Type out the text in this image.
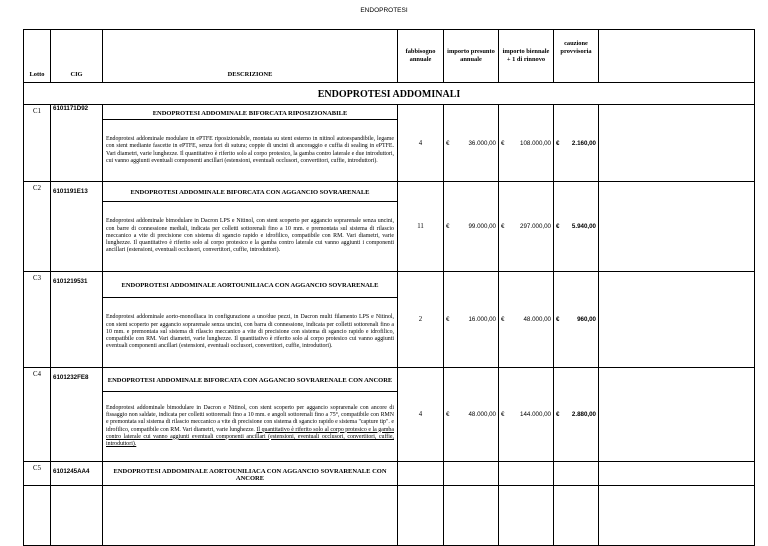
ENDOPROTESI
Lotto	CIG	DESCRIZIONE	fabbisogno annuale	importo presunto annuale	importo biennale + 1 di rinnovo	cauzione provvisoria	
ENDOPROTESI ADDOMINALI
C1	6101171D92	ENDOPROTESI ADDOMINALE BIFORCATA RIPOSIZIONABILE	4	€ 36.000,00	€ 108.000,00	€ 2.160,00	

		Endoprotesi addominale modulare in ePTFE riposizionabile, montata su stent esterno in nitinol autoespandibile, legame con stent mediante fascette in ePTFE, senza fori di sutura; coppie di uncini di ancoraggio e cuffia di sealing in ePTFE. Vari diametri, varie lunghezze. Il quantitativo è riferito solo al corpo protesico, la gamba contro laterale e due introduttori, cui vanno aggiunti eventuali componenti ancillari (estensioni, eventuali occlusori, convertitori, cuffie, introduttori).					
C2	6101191E13	ENDOPROTESI ADDOMINALE BIFORCATA CON AGGANCIO SOVRARENALE	11	€ 99.000,00	€ 297.000,00	€ 5.940,00	

		Endoprotesi addominale bimodulare in Dacron LPS e Nitinol, con stent scoperto per aggancio soprarenale senza uncini, con barre di connessione mediali, indicata per colletti sottorenali fino a 10 mm. e premontata sul sistema di rilascio meccanico a vite di precisione con sistema di sgancio rapido e idrofilico, compatibile con RM. Vari diametri, varie lunghezze. Il quantitativo è riferito solo al corpo protesico e la gamba contro laterale cui vanno aggiunti i componenti ancillari (estensioni, eventuali occlusori, convertitori, cuffie, introduttori).					
C3	6101219531	ENDOPROTESI ADDOMINALE AORTOUNILIACA CON AGGANCIO SOVRARENALE	2	€ 16.000,00	€ 48.000,00	€ 960,00	

		Endoprotesi addominale aorto-monoiliaca in configurazione a uno/due pezzi, in Dacron multi filamento LPS e Nitinol, con stent scoperto per aggancio soprarenale senza uncini, con barra di connessione, indicata per colletti sottorenali fino a 10 mm. e premontata sul sistema di rilascio meccanico a vite di precisione con sistema di sgancio rapido e idrofilico, compatibile con RM. Vari diametri, varie lunghezze. Il quantitativo è riferito solo al corpo protesico cui vanno aggiunti eventuali componenti ancillari (estensioni, eventuali occlusori, convertitori, cuffie, introduttori).					
C4	6101232FE8	ENDOPROTESI ADDOMINALE BIFORCATA CON AGGANCIO SOVRARENALE CON ANCORE	4	€ 48.000,00	€ 144.000,00	€ 2.880,00	

		Endoprotesi addominale bimodulare in Dacron e Nitinol, con stent scoperto per aggancio soprarenale con ancore di fissaggio non saldate, indicata per colletti sottorenali fino a 10 mm. e angoli sottorenali fino a 75°, compatibile con RMN e premontata sul sistema di rilascio meccanico a vite di precisione con sistema di sgancio rapido e sistema "capture tip". e idrofilico, compatibile con RM. Vari diametri, varie lunghezze. Il quantitativo è riferito solo al corpo protesico e la gamba contro laterale cui vanno aggiunti eventuali componenti ancillari (estensioni, eventuali occlusori, convertitori, cuffie, introduttori).					
C5	6101245AA4	ENDOPROTESI ADDOMINALE AORTOUNILIACA CON AGGANCIO SOVRARENALE CON ANCORE					
